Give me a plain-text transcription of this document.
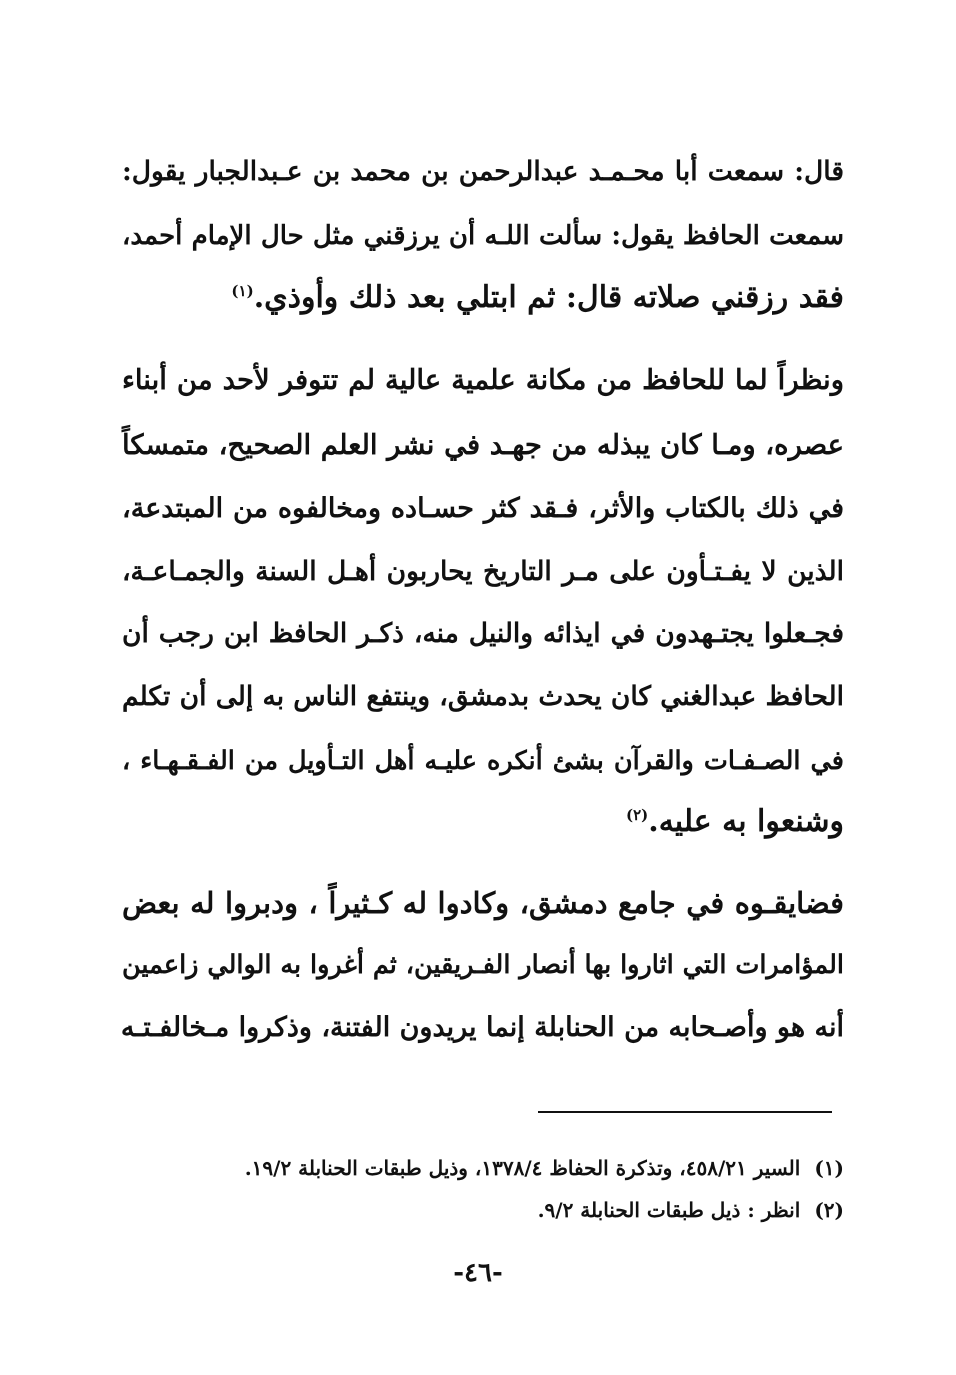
قال: سمعت أبا محـمـد عبدالرحمن بن محمد بن عـبدالجبار يقول:
سمعت الحافظ يقول: سألت اللـه أن يرزقني مثل حال الإمام أحمد،
فقد رزقني صلاته قال: ثم ابتلي بعد ذلك وأوذي.$^{(١)}$
ونظراً لما للحافظ من مكانة علمية عالية لم تتوفر لأحد من أبناء
عصره، ومـا كان يبذله من جهـد في نشر العلم الصحيح، متمسكاً
في ذلك بالكتاب والأثر، فـقد كثر حسـاده ومخالفوه من المبتدعة،
الذين لا يفـتـأون على مـر التاريخ يحاربون أهـل السنة والجمـاعـة،
فجـعلوا يجتـهدون في ايذائه والنيل منه، ذكـر الحافظ ابن رجب أن
الحافظ عبدالغني كان يحدث بدمشق، وينتفع الناس به إلى أن تكلم
في الصـفـات والقرآن بشئ أنكره عليـه أهل التـأويل من الفـقـهـاء ،
وشنعوا به عليه.$^{(٢)}$
فضايقـوه في جامع دمشق، وكادوا له كـثيراً ، ودبروا له بعض
المؤامرات التي اثاروا بها أنصار الفـريقين، ثم أغروا به الوالي زاعمين
أنه هو وأصـحابه من الحنابلة إنما يريدون الفتنة، وذكروا مـخالفـتـه
(١)السير ٤٥٨/٢١، وتذكرة الحفاظ ١٣٧٨/٤، وذيل طبقات الحنابلة ١٩/٢.
(٢)انظر : ذيل طبقات الحنابلة ٩/٢.
-٤٦-
